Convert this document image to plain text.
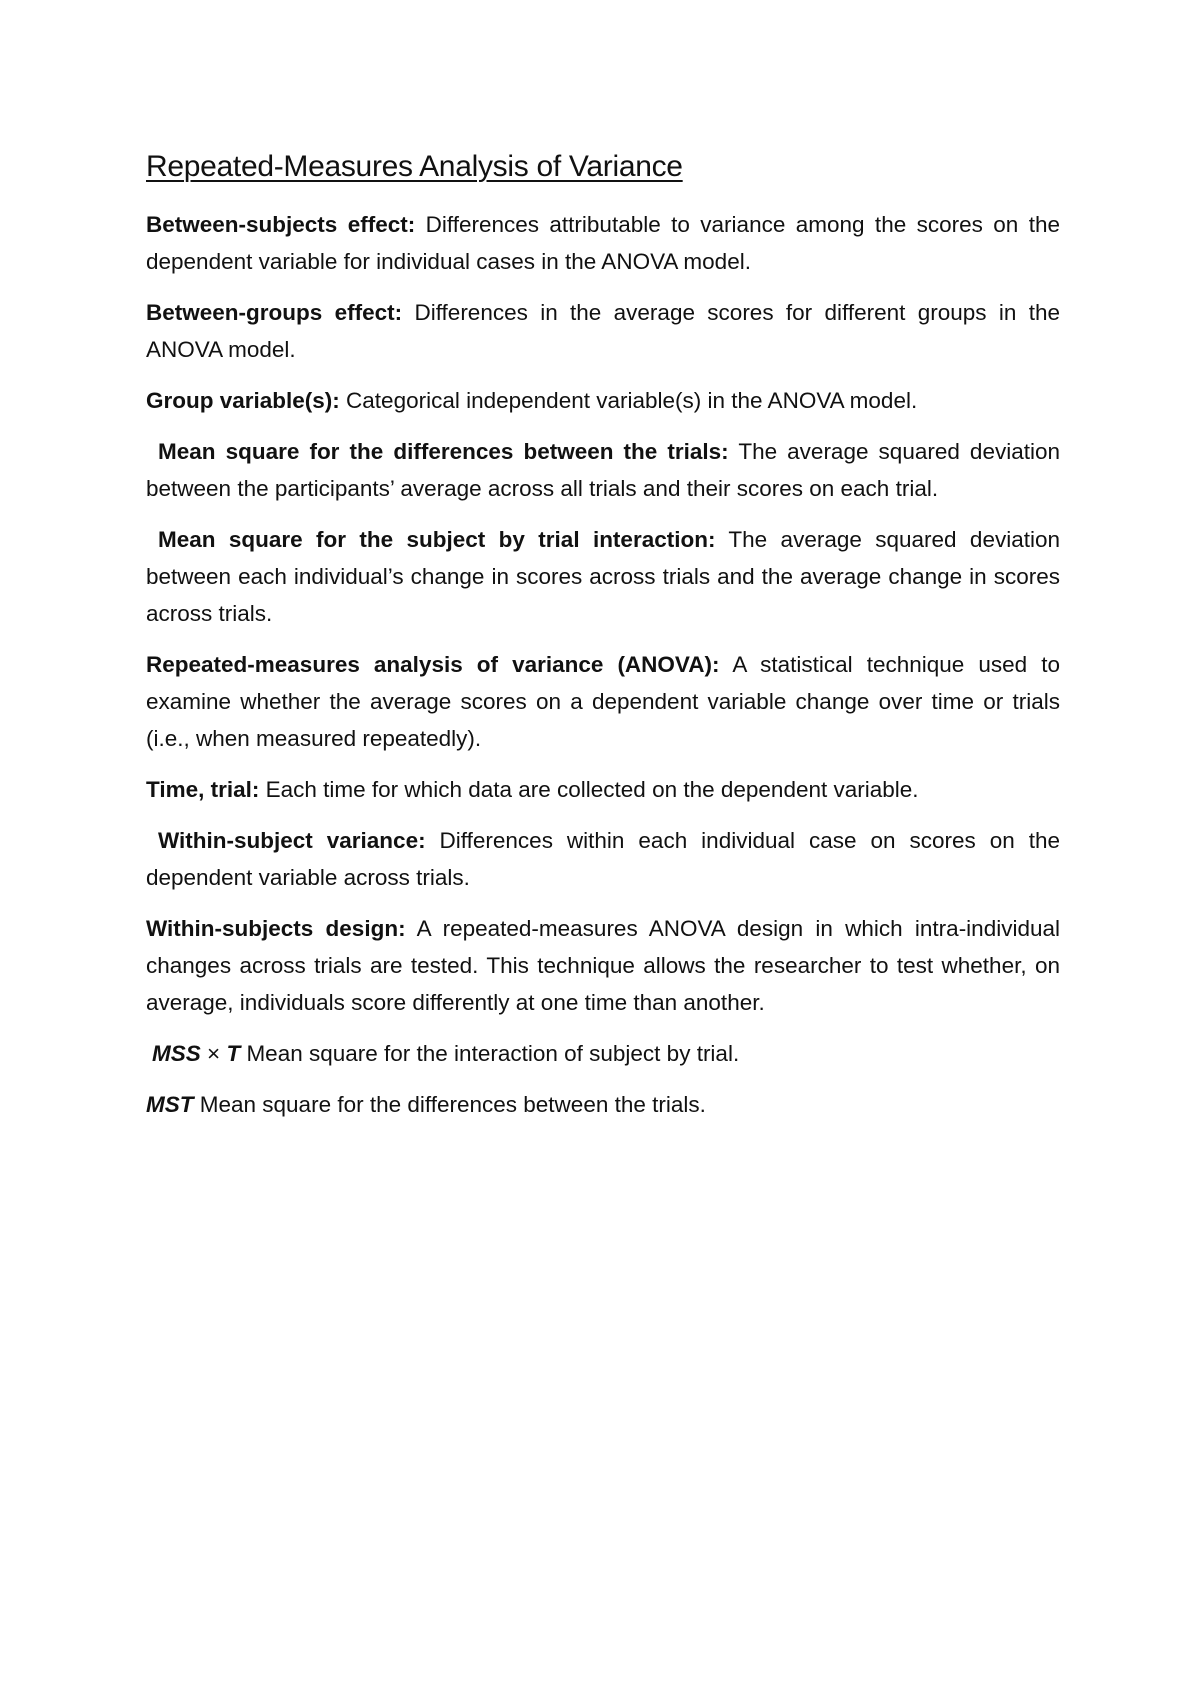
Repeated-Measures Analysis of Variance

Between-subjects effect: Differences attributable to variance among the scores on the dependent variable for individual cases in the ANOVA model.

Between-groups effect: Differences in the average scores for different groups in the ANOVA model.

Group variable(s): Categorical independent variable(s) in the ANOVA model.

Mean square for the differences between the trials: The average squared deviation between the participants’ average across all trials and their scores on each trial.

Mean square for the subject by trial interaction: The average squared deviation between each individual’s change in scores across trials and the average change in scores across trials.

Repeated-measures analysis of variance (ANOVA): A statistical technique used to examine whether the average scores on a dependent variable change over time or trials (i.e., when measured repeatedly).

Time, trial: Each time for which data are collected on the dependent variable.

Within-subject variance: Differences within each individual case on scores on the dependent variable across trials.

Within-subjects design: A repeated-measures ANOVA design in which intra-individual changes across trials are tested. This technique allows the researcher to test whether, on average, individuals score differently at one time than another.

MSS × T Mean square for the interaction of subject by trial.

MST Mean square for the differences between the trials.
